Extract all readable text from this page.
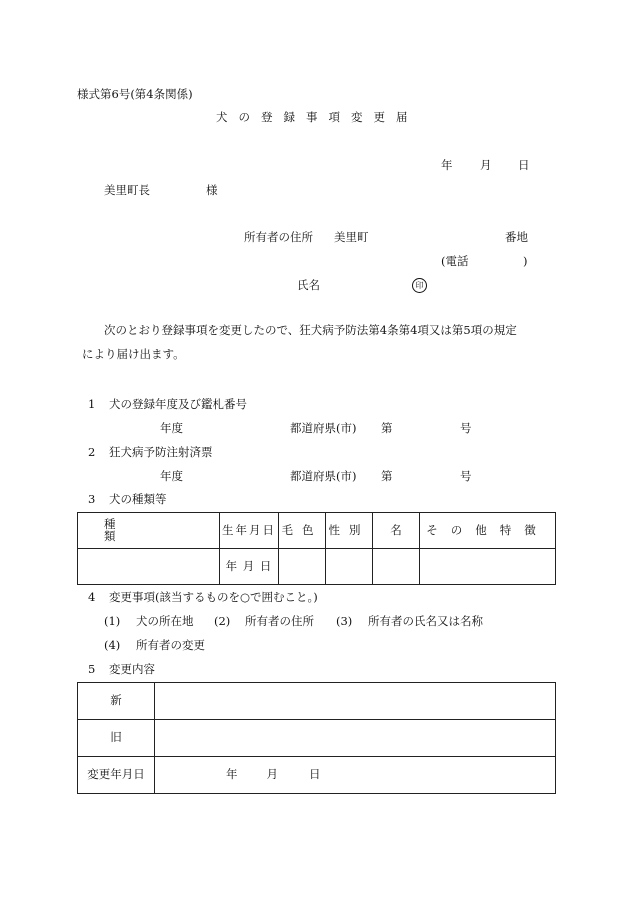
様式第6号(第4条関係)
犬の登録事項変更届
年 月 日
美里町長	様
所有者の住所 美里町	番地
(電話	)
氏名	印
次のとおり登録事項を変更したので、狂犬病予防法第4条第4項又は第5項の規定
により届け出ます。
1 犬の登録年度及び鑑札番号
年度	都道府県(市) 第	号
2 狂犬病予防注射済票
年度	都道府県(市) 第	号
3 犬の種類等
種類	生年月日	毛色	性別	名	その他特徴
	年 月 日				
4 変更事項(該当するものを○で囲むこと。)
(1) 犬の所在地 (2) 所有者の住所 (3) 所有者の氏名又は名称
(4) 所有者の変更
5 変更内容
新	
旧	
変更年月日	年 月 日
